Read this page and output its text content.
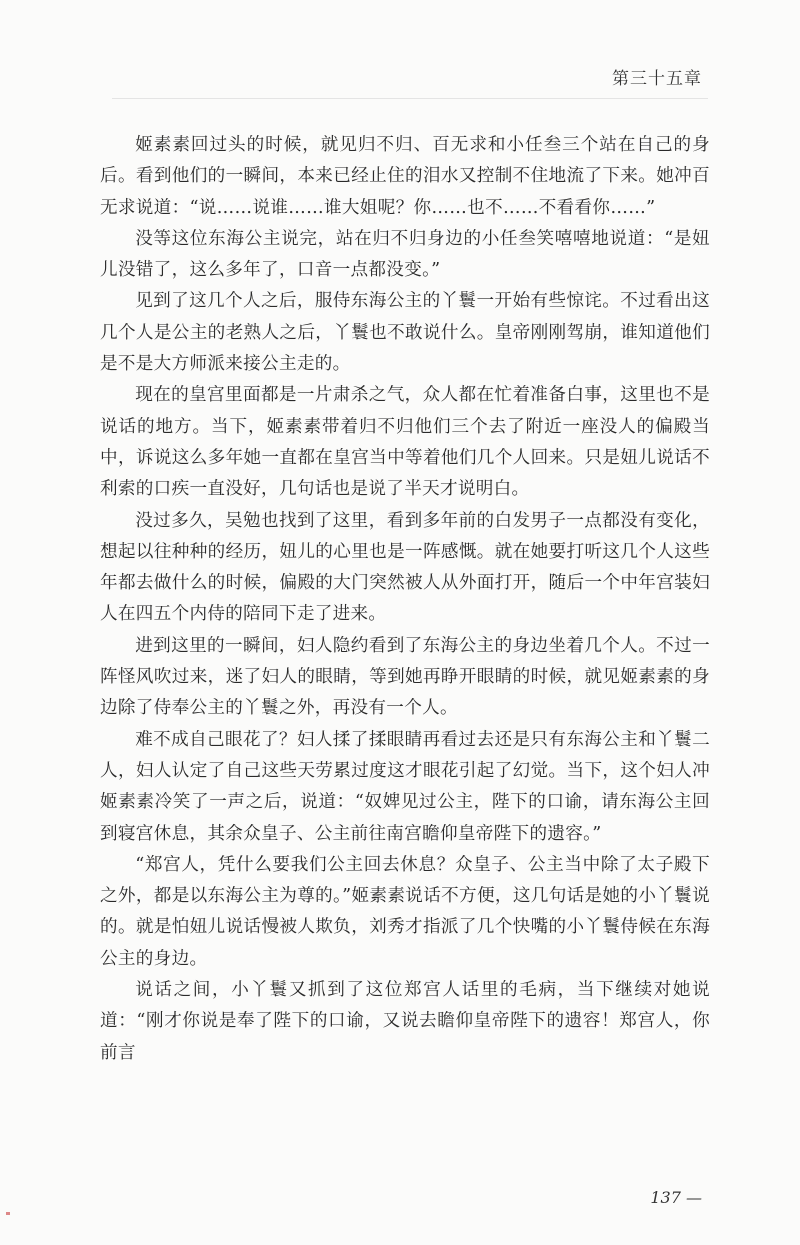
第三十五章

姬素素回过头的时候，就见归不归、百无求和小任叁三个站在自己的身后。看到他们的一瞬间，本来已经止住的泪水又控制不住地流了下来。她冲百无求说道：“说……说谁……谁大姐呢？你……也不……不看看你……”

没等这位东海公主说完，站在归不归身边的小任叁笑嘻嘻地说道：“是妞儿没错了，这么多年了，口音一点都没变。”

见到了这几个人之后，服侍东海公主的丫鬟一开始有些惊诧。不过看出这几个人是公主的老熟人之后，丫鬟也不敢说什么。皇帝刚刚驾崩，谁知道他们是不是大方师派来接公主走的。

现在的皇宫里面都是一片肃杀之气，众人都在忙着准备白事，这里也不是说话的地方。当下，姬素素带着归不归他们三个去了附近一座没人的偏殿当中，诉说这么多年她一直都在皇宫当中等着他们几个人回来。只是妞儿说话不利索的口疾一直没好，几句话也是说了半天才说明白。

没过多久，吴勉也找到了这里，看到多年前的白发男子一点都没有变化，想起以往种种的经历，妞儿的心里也是一阵感慨。就在她要打听这几个人这些年都去做什么的时候，偏殿的大门突然被人从外面打开，随后一个中年宫装妇人在四五个内侍的陪同下走了进来。

进到这里的一瞬间，妇人隐约看到了东海公主的身边坐着几个人。不过一阵怪风吹过来，迷了妇人的眼睛，等到她再睁开眼睛的时候，就见姬素素的身边除了侍奉公主的丫鬟之外，再没有一个人。

难不成自己眼花了？妇人揉了揉眼睛再看过去还是只有东海公主和丫鬟二人，妇人认定了自己这些天劳累过度这才眼花引起了幻觉。当下，这个妇人冲姬素素冷笑了一声之后，说道：“奴婢见过公主，陛下的口谕，请东海公主回到寝宫休息，其余众皇子、公主前往南宫瞻仰皇帝陛下的遗容。”

“郑宫人，凭什么要我们公主回去休息？众皇子、公主当中除了太子殿下之外，都是以东海公主为尊的。”姬素素说话不方便，这几句话是她的小丫鬟说的。就是怕妞儿说话慢被人欺负，刘秀才指派了几个快嘴的小丫鬟侍候在东海公主的身边。

说话之间，小丫鬟又抓到了这位郑宫人话里的毛病，当下继续对她说道：“刚才你说是奉了陛下的口谕，又说去瞻仰皇帝陛下的遗容！郑宫人，你前言

137 —
